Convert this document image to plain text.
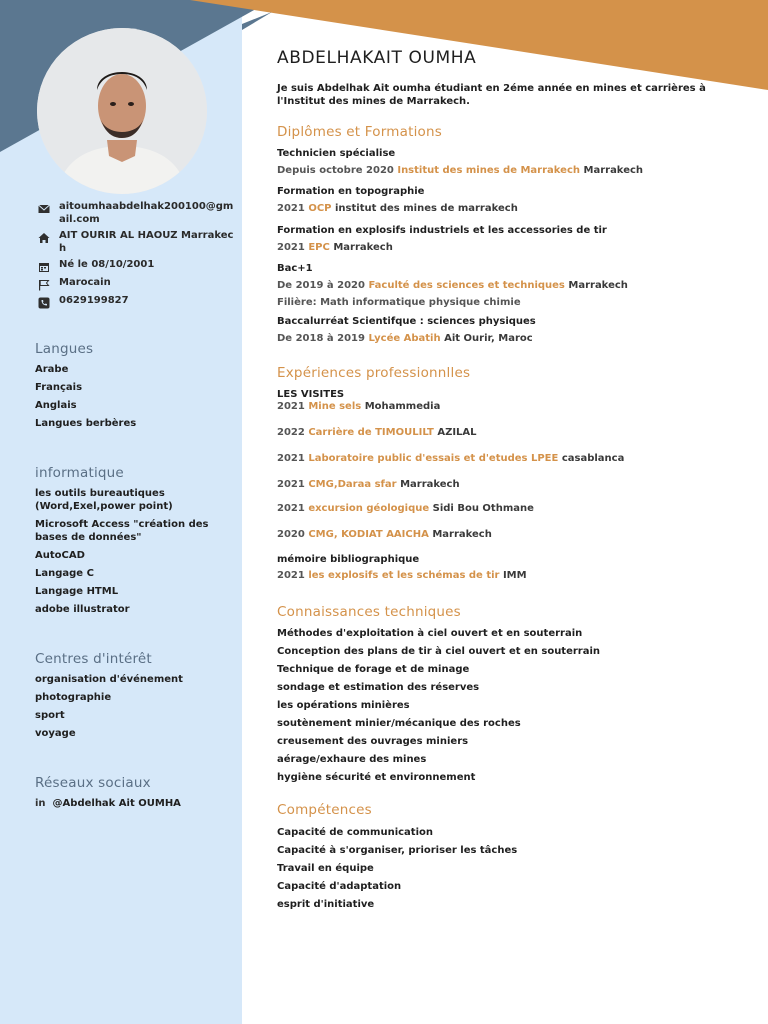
aitoumhaabdelhak200100@gmail.com
AIT OURIR AL HAOUZ Marrakech
Né le 08/10/2001
Marocain
0629199827
Langues
Arabe
Français
Anglais
Langues berbères
informatique
les outils bureautiques (Word,Exel,power point)
Microsoft Access "création des bases de données"
AutoCAD
Langage C
Langage HTML
adobe illustrator
Centres d'intérêt
organisation d'événement
photographie
sport
voyage
Réseaux sociaux
in @Abdelhak Ait OUMHA
ABDELHAKAIT OUMHA
Je suis Abdelhak Ait oumha étudiant en 2éme année en mines et carrières à l'Institut des mines de Marrakech.
Diplômes et Formations
Technicien spécialise
Depuis octobre 2020 Institut des mines de Marrakech Marrakech
Formation en topographie
2021 OCP institut des mines de marrakech
Formation en explosifs industriels et les accessories de tir
2021 EPC Marrakech
Bac+1
De 2019 à 2020 Faculté des sciences et techniques Marrakech
Filière: Math informatique physique chimie
Baccalurréat Scientifque : sciences physiques
De 2018 à 2019 Lycée Abatih Ait Ourir, Maroc
Expériences professionnlles
LES VISITES
2021 Mine sels Mohammedia
2022 Carrière de TIMOULILT AZILAL
2021 Laboratoire public d'essais et d'etudes LPEE casablanca
2021 CMG,Daraa sfar Marrakech
2021 excursion géologique Sidi Bou Othmane
2020 CMG, KODIAT AAICHA Marrakech
mémoire bibliographique
2021 les explosifs et les schémas de tir IMM
Connaissances techniques
Méthodes d'exploitation à ciel ouvert et en souterrain
Conception des plans de tir à ciel ouvert et en souterrain
Technique de forage et de minage
sondage et estimation des réserves
les opérations minières
soutènement minier/mécanique des roches
creusement des ouvrages miniers
aérage/exhaure des mines
hygiène sécurité et environnement
Compétences
Capacité de communication
Capacité à s'organiser, prioriser les tâches
Travail en équipe
Capacité d'adaptation
esprit d'initiative
